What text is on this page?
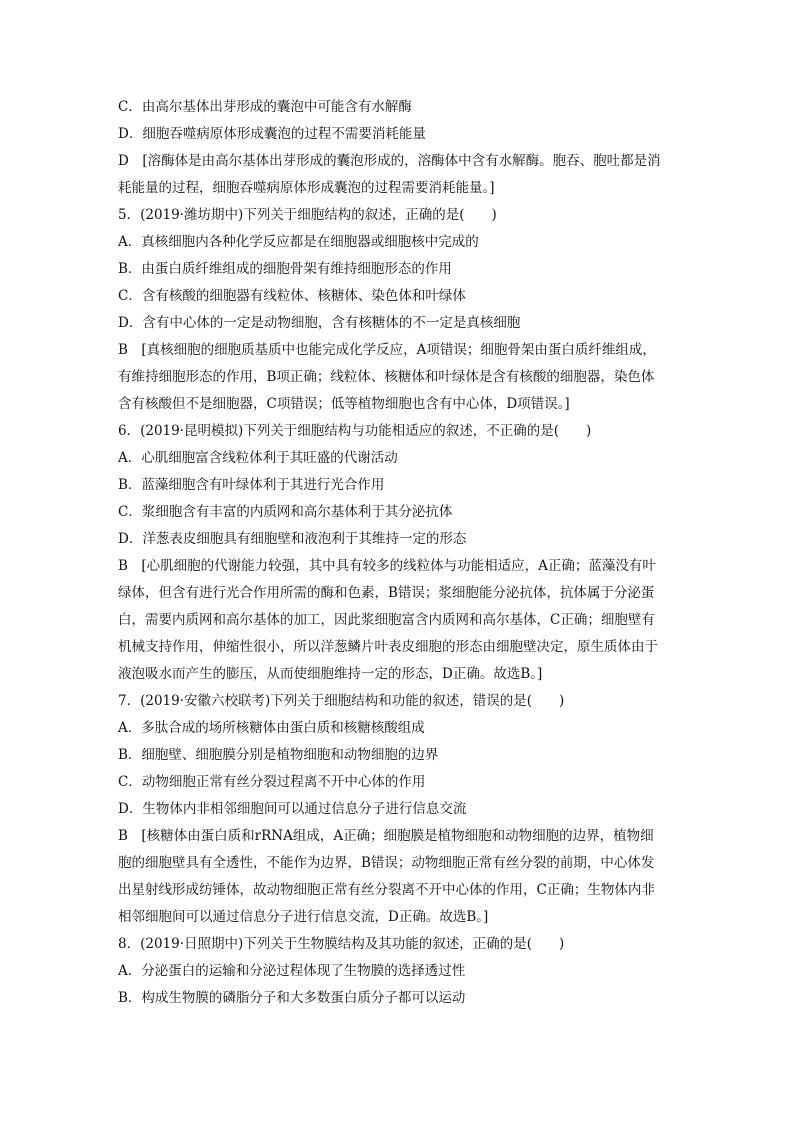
C．由高尔基体出芽形成的囊泡中可能含有水解酶
D．细胞吞噬病原体形成囊泡的过程不需要消耗能量
D　[溶酶体是由高尔基体出芽形成的囊泡形成的，溶酶体中含有水解酶。胞吞、胞吐都是消
耗能量的过程，细胞吞噬病原体形成囊泡的过程需要消耗能量。]
5．(2019·潍坊期中)下列关于细胞结构的叙述，正确的是(　　)
A．真核细胞内各种化学反应都是在细胞器或细胞核中完成的
B．由蛋白质纤维组成的细胞骨架有维持细胞形态的作用
C．含有核酸的细胞器有线粒体、核糖体、染色体和叶绿体
D．含有中心体的一定是动物细胞，含有核糖体的不一定是真核细胞
B　[真核细胞的细胞质基质中也能完成化学反应，A项错误；细胞骨架由蛋白质纤维组成，
有维持细胞形态的作用，B项正确；线粒体、核糖体和叶绿体是含有核酸的细胞器，染色体
含有核酸但不是细胞器，C项错误；低等植物细胞也含有中心体，D项错误。]
6．(2019·昆明模拟)下列关于细胞结构与功能相适应的叙述，不正确的是(　　)
A．心肌细胞富含线粒体利于其旺盛的代谢活动
B．蓝藻细胞含有叶绿体利于其进行光合作用
C．浆细胞含有丰富的内质网和高尔基体利于其分泌抗体
D．洋葱表皮细胞具有细胞壁和液泡利于其维持一定的形态
B　[心肌细胞的代谢能力较强，其中具有较多的线粒体与功能相适应，A正确；蓝藻没有叶
绿体，但含有进行光合作用所需的酶和色素，B错误；浆细胞能分泌抗体，抗体属于分泌蛋
白，需要内质网和高尔基体的加工，因此浆细胞富含内质网和高尔基体，C正确；细胞壁有
机械支持作用，伸缩性很小，所以洋葱鳞片叶表皮细胞的形态由细胞壁决定，原生质体由于
液泡吸水而产生的膨压，从而使细胞维持一定的形态，D正确。故选B。]
7．(2019·安徽六校联考)下列关于细胞结构和功能的叙述，错误的是(　　)
A．多肽合成的场所核糖体由蛋白质和核糖核酸组成
B．细胞壁、细胞膜分别是植物细胞和动物细胞的边界
C．动物细胞正常有丝分裂过程离不开中心体的作用
D．生物体内非相邻细胞间可以通过信息分子进行信息交流
B　[核糖体由蛋白质和rRNA组成，A正确；细胞膜是植物细胞和动物细胞的边界，植物细
胞的细胞壁具有全透性，不能作为边界，B错误；动物细胞正常有丝分裂的前期，中心体发
出星射线形成纺锤体，故动物细胞正常有丝分裂离不开中心体的作用，C正确；生物体内非
相邻细胞间可以通过信息分子进行信息交流，D正确。故选B。]
8．(2019·日照期中)下列关于生物膜结构及其功能的叙述，正确的是(　　)
A．分泌蛋白的运输和分泌过程体现了生物膜的选择透过性
B．构成生物膜的磷脂分子和大多数蛋白质分子都可以运动
